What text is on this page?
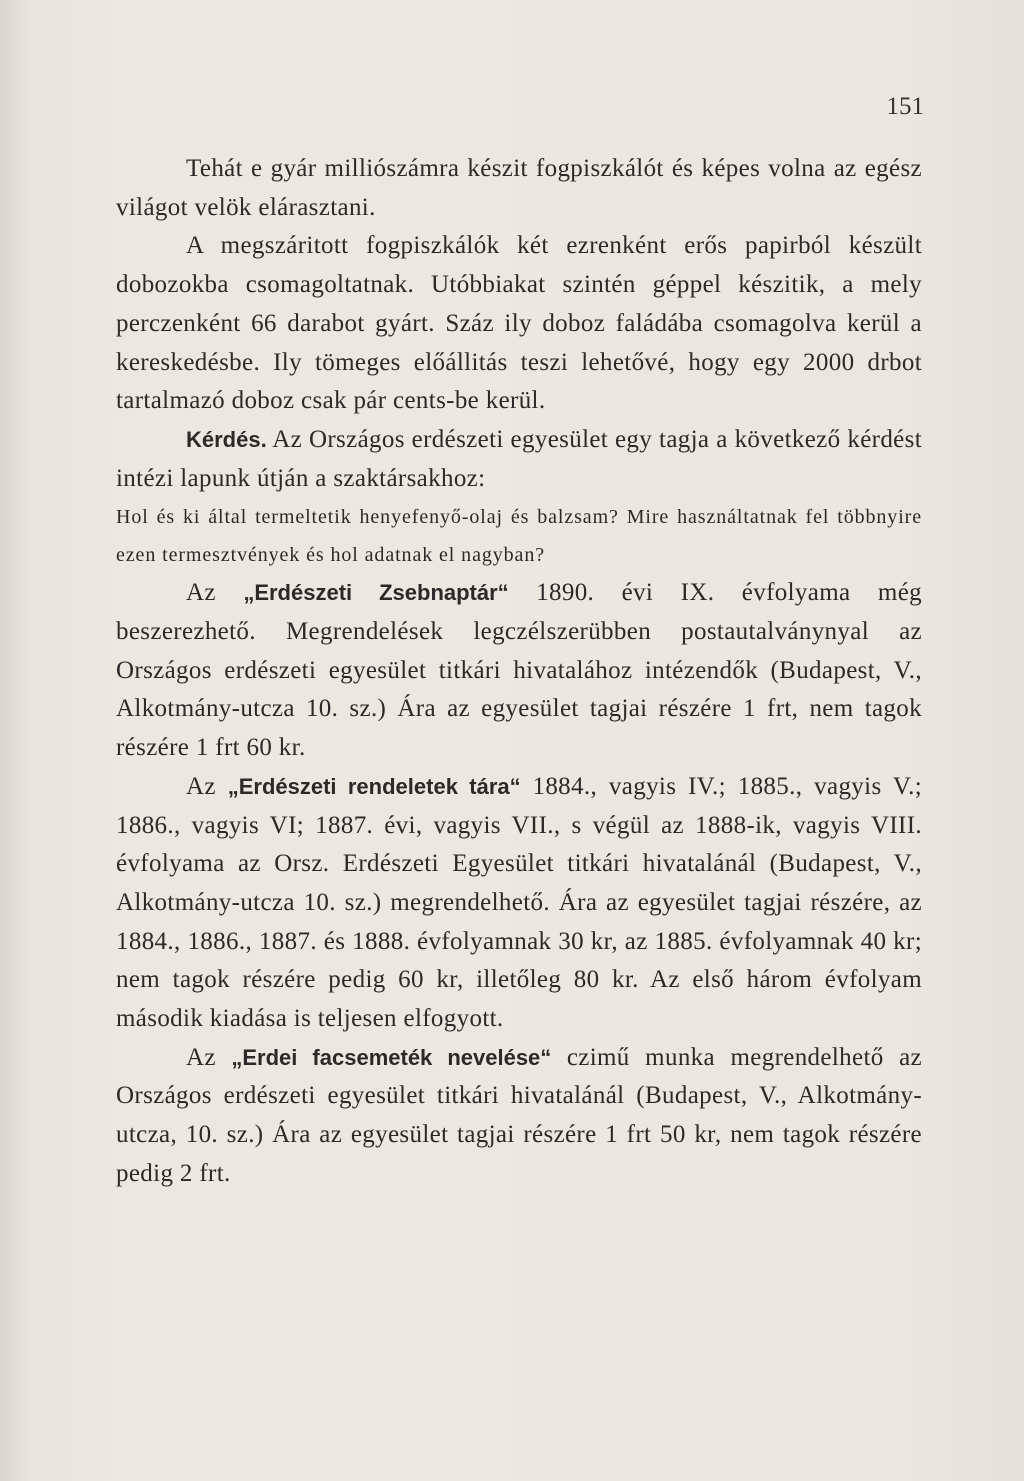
151

Tehát e gyár milliószámra készit fogpiszkálót és képes volna az egész világot velök elárasztani.

A megszáritott fogpiszkálók két ezrenként erős papirból készült dobozokba csomagoltatnak. Utóbbiakat szintén géppel készitik, a mely perczenként 66 darabot gyárt. Száz ily doboz faládába csomagolva kerül a kereskedésbe. Ily tömeges előállitás teszi lehetővé, hogy egy 2000 drbot tartalmazó doboz csak pár cents-be kerül.

Kérdés. Az Országos erdészeti egyesület egy tagja a következő kérdést intézi lapunk útján a szaktársakhoz:

Hol és ki által termeltetik henyefenyő-olaj és balzsam? Mire használtatnak fel többnyire ezen termesztvények és hol adatnak el nagyban?

Az „Erdészeti Zsebnaptár“ 1890. évi IX. évfolyama még beszerezhető. Megrendelések legczélszerübben postautalványnyal az Országos erdészeti egyesület titkári hivatalához intézendők (Budapest, V., Alkotmány-utcza 10. sz.) Ára az egyesület tagjai részére 1 frt, nem tagok részére 1 frt 60 kr.

Az „Erdészeti rendeletek tára“ 1884., vagyis IV.; 1885., vagyis V.; 1886., vagyis VI; 1887. évi, vagyis VII., s végül az 1888-ik, vagyis VIII. évfolyama az Orsz. Erdészeti Egyesület titkári hivatalánál (Budapest, V., Alkotmány-utcza 10. sz.) megrendelhető. Ára az egyesület tagjai részére, az 1884., 1886., 1887. és 1888. évfolyamnak 30 kr, az 1885. évfolyamnak 40 kr; nem tagok részére pedig 60 kr, illetőleg 80 kr. Az első három évfolyam második kiadása is teljesen elfogyott.

Az „Erdei facsemeték nevelése“ czimű munka megrendelhető az Országos erdészeti egyesület titkári hivatalánál (Budapest, V., Alkotmány-utcza, 10. sz.) Ára az egyesület tagjai részére 1 frt 50 kr, nem tagok részére pedig 2 frt.
